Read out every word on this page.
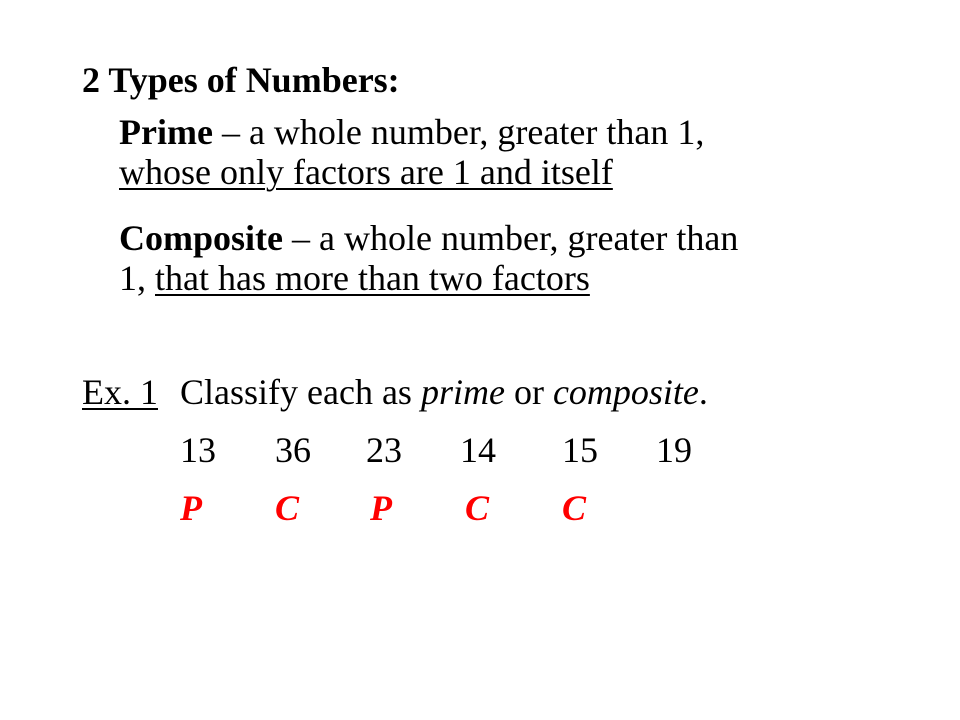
2 Types of Numbers:
Prime – a whole number, greater than 1,
whose only factors are 1 and itself
Composite – a whole number, greater than
1, that has more than two factors
Ex. 1 Classify each as prime or composite.
13 36 23 14 15 19
P C P C C
